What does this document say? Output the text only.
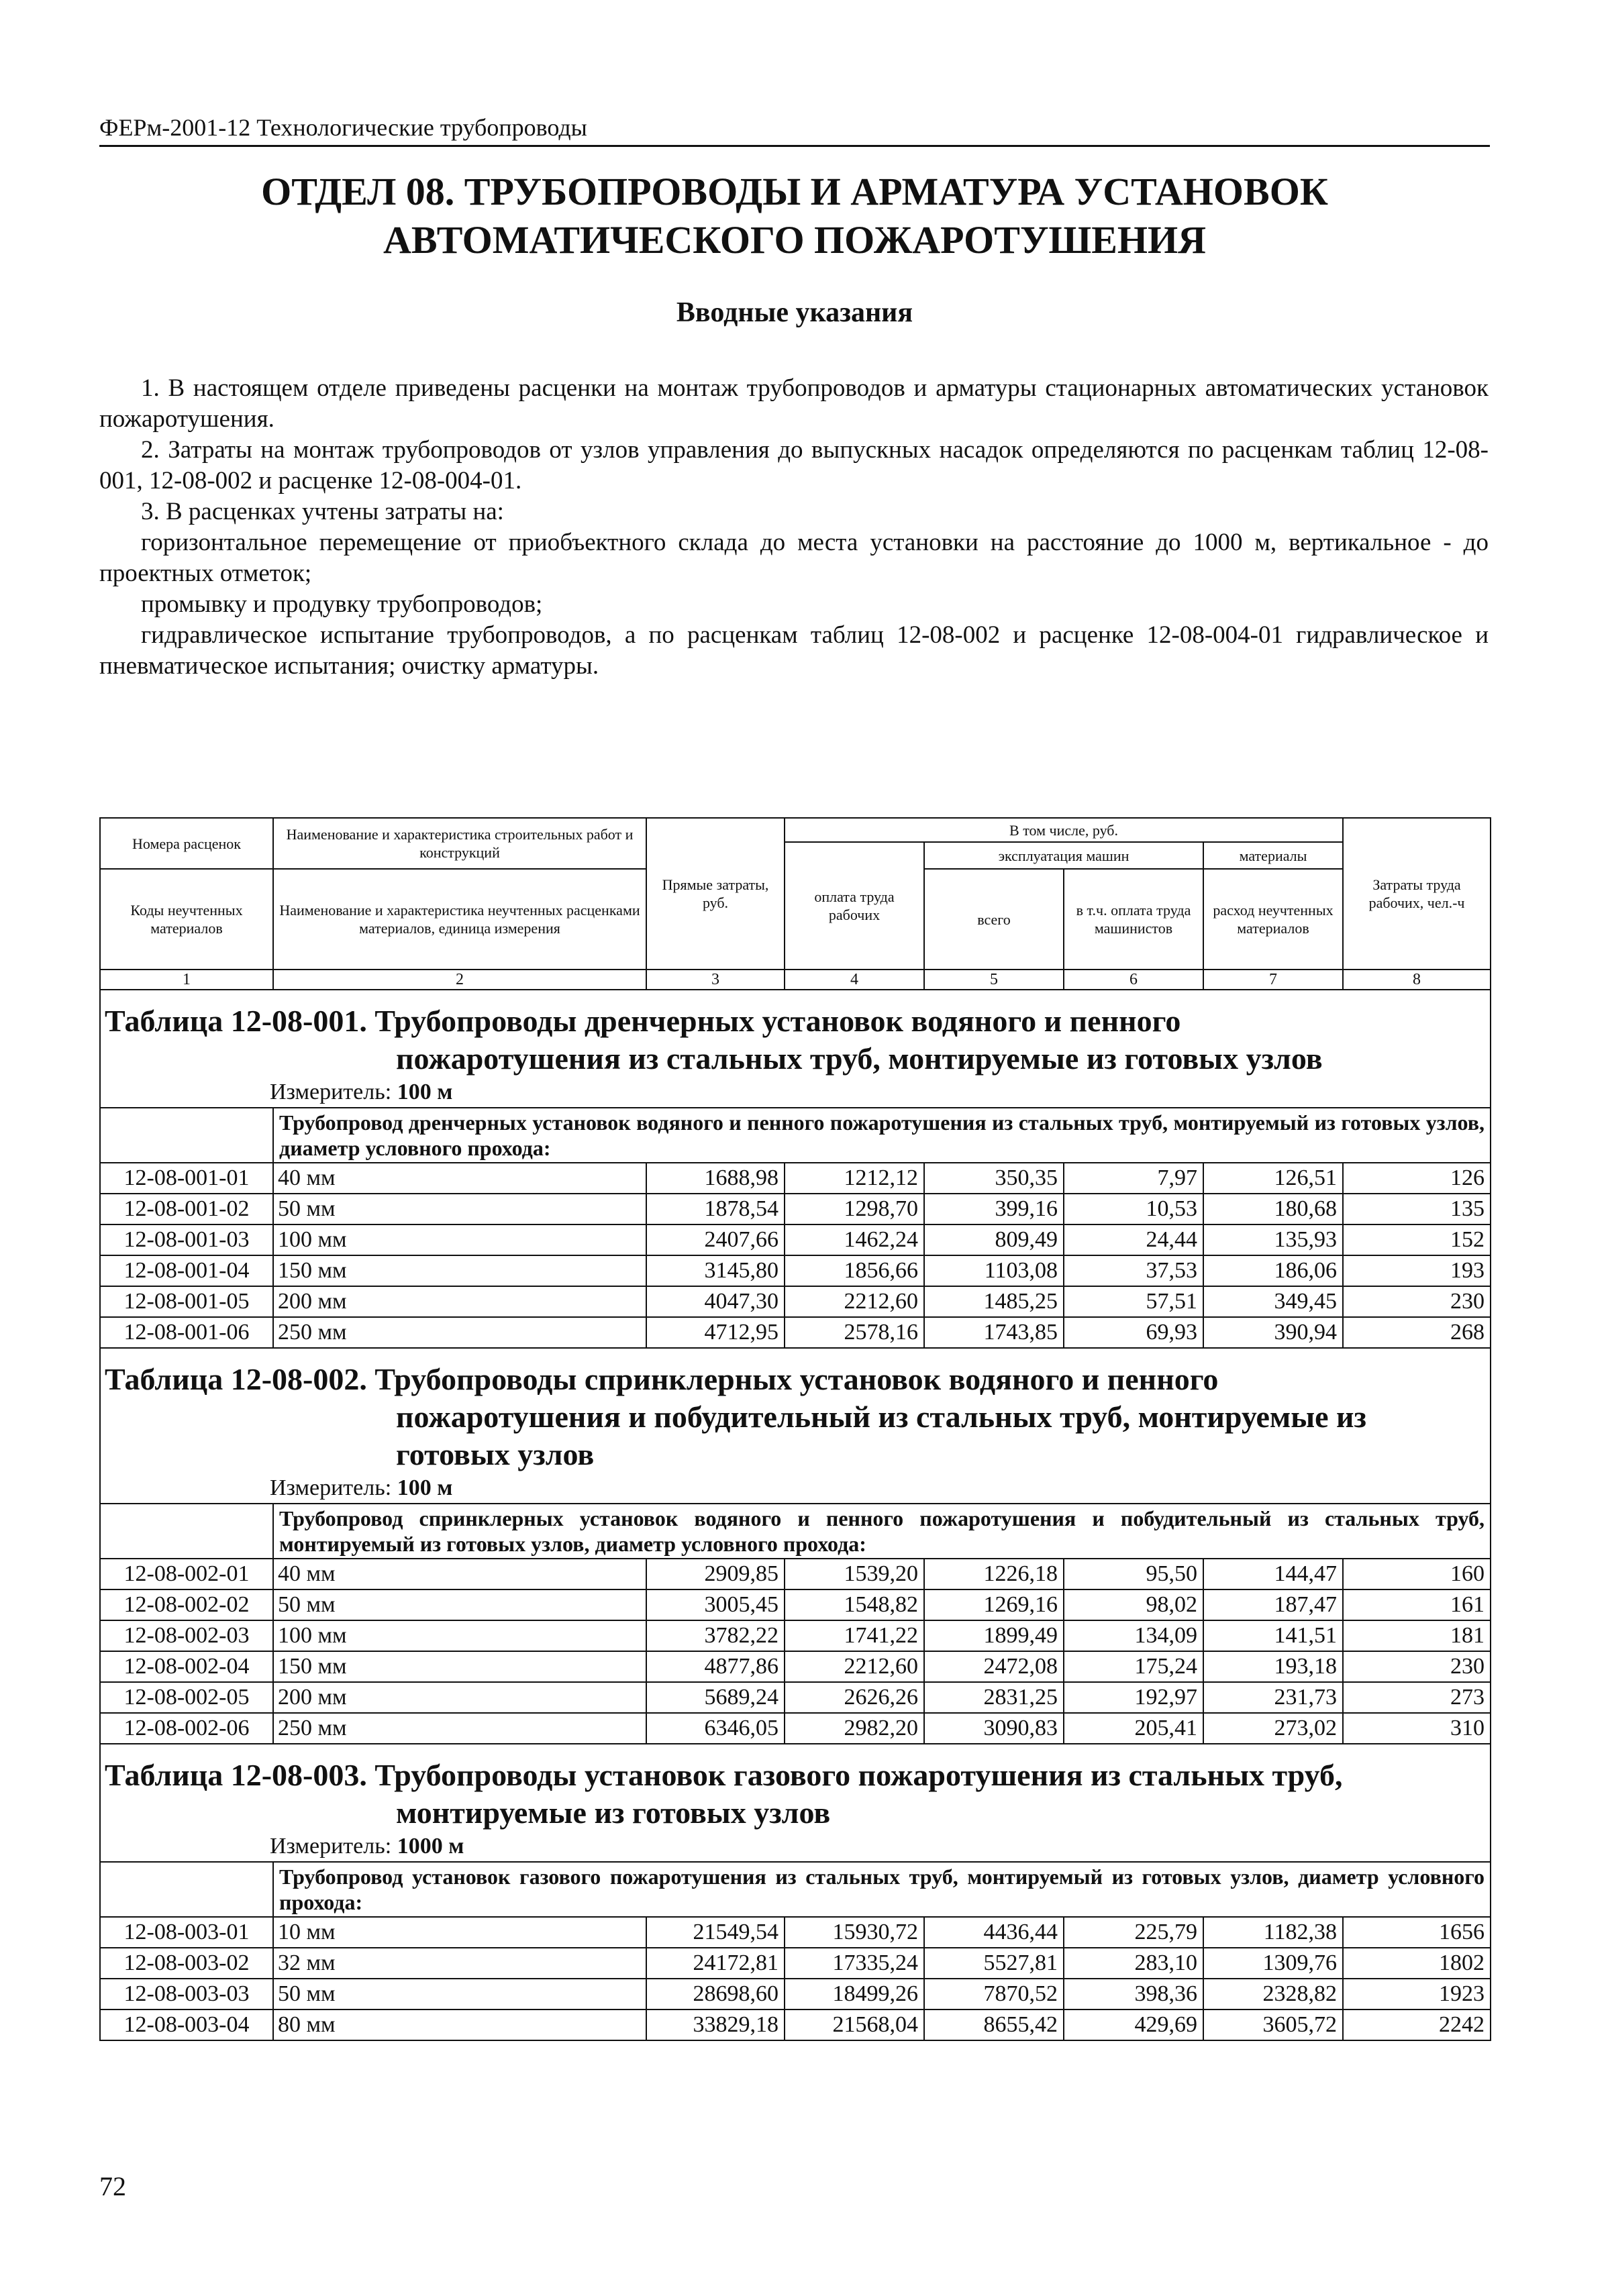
ФЕРм-2001-12 Технологические трубопроводы
ОТДЕЛ 08. ТРУБОПРОВОДЫ И АРМАТУРА УСТАНОВОК
АВТОМАТИЧЕСКОГО ПОЖАРОТУШЕНИЯ
Вводные указания

1. В настоящем отделе приведены расценки на монтаж трубопроводов и арматуры стационарных автоматических установок пожаротушения.

2. Затраты на монтаж трубопроводов от узлов управления до выпускных насадок определяются по расценкам таблиц 12-08-001, 12-08-002 и расценке 12-08-004-01.

3. В расценках учтены затраты на:

горизонтальное перемещение от приобъектного склада до места установки на расстояние до 1000 м, вертикальное - до проектных отметок;

промывку и продувку трубопроводов;

гидравлическое испытание трубопроводов, а по расценкам таблиц 12-08-002 и расценке 12-08-004-01 гидравлическое и пневматическое испытания; очистку арматуры.

Номера расценок	Наименование и характеристика строительных работ и конструкций	Прямые затраты, руб.	В том числе, руб.				Затраты труда рабочих, чел.-ч
			оплата труда рабочих	эксплуатация машин		материалы	
Коды неучтенных материалов	Наименование и характеристика неучтенных расценками материалов, единица измерения			всего	в т.ч. оплата труда машинистов	расход неучтенных материалов	
1	2	3	4	5	6	7	8
Таблица 12-08-001. Трубопроводы дренчерных установок водяного и пенного
пожаротушения из стальных труб, монтируемые из готовых узлов							

Измеритель: 100 м							
	Трубопровод дренчерных установок водяного и пенного пожаротушения из стальных труб, монтируемый из готовых узлов, диаметр условного прохода:						
12-08-001-01	40 мм	1688,98	1212,12	350,35	7,97	126,51	126
12-08-001-02	50 мм	1878,54	1298,70	399,16	10,53	180,68	135
12-08-001-03	100 мм	2407,66	1462,24	809,49	24,44	135,93	152
12-08-001-04	150 мм	3145,80	1856,66	1103,08	37,53	186,06	193
12-08-001-05	200 мм	4047,30	2212,60	1485,25	57,51	349,45	230
12-08-001-06	250 мм	4712,95	2578,16	1743,85	69,93	390,94	268
Таблица 12-08-002. Трубопроводы спринклерных установок водяного и пенного
пожаротушения и побудительный из стальных труб, монтируемые из
готовых узлов							

Измеритель: 100 м							
	Трубопровод спринклерных установок водяного и пенного пожаротушения и побудительный из стальных труб, монтируемый из готовых узлов, диаметр условного прохода:						
12-08-002-01	40 мм	2909,85	1539,20	1226,18	95,50	144,47	160
12-08-002-02	50 мм	3005,45	1548,82	1269,16	98,02	187,47	161
12-08-002-03	100 мм	3782,22	1741,22	1899,49	134,09	141,51	181
12-08-002-04	150 мм	4877,86	2212,60	2472,08	175,24	193,18	230
12-08-002-05	200 мм	5689,24	2626,26	2831,25	192,97	231,73	273
12-08-002-06	250 мм	6346,05	2982,20	3090,83	205,41	273,02	310
Таблица 12-08-003. Трубопроводы установок газового пожаротушения из стальных труб,
монтируемые из готовых узлов							

Измеритель: 1000 м							
	Трубопровод установок газового пожаротушения из стальных труб, монтируемый из готовых узлов, диаметр условного прохода:						
12-08-003-01	10 мм	21549,54	15930,72	4436,44	225,79	1182,38	1656
12-08-003-02	32 мм	24172,81	17335,24	5527,81	283,10	1309,76	1802
12-08-003-03	50 мм	28698,60	18499,26	7870,52	398,36	2328,82	1923
12-08-003-04	80 мм	33829,18	21568,04	8655,42	429,69	3605,72	2242
72
